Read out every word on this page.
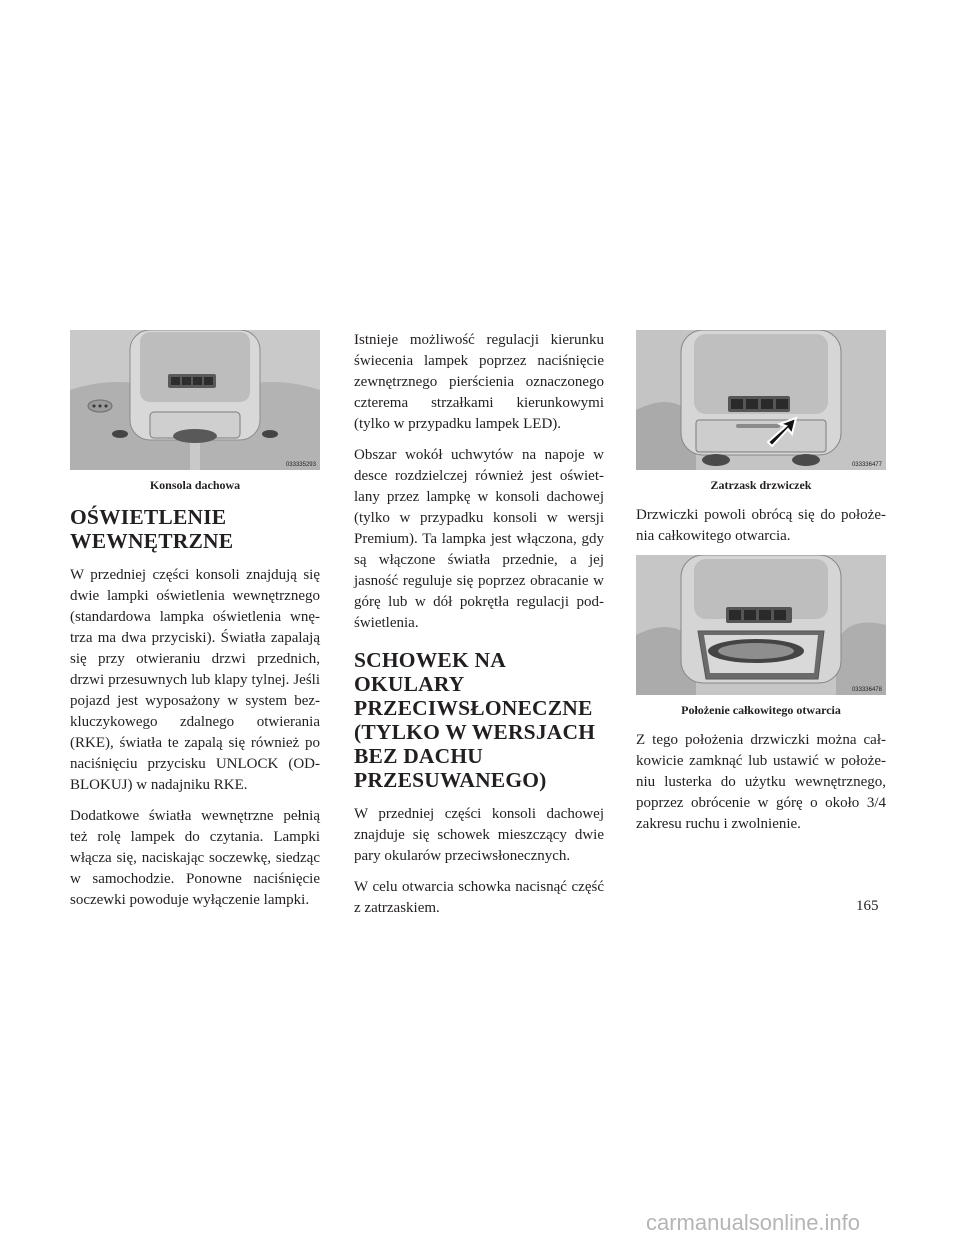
033335293
Konsola dachowa
OŚWIETLENIE WEWNĘTRZNE

W przedniej części konsoli znajdują się dwie lampki oświetlenia wewnętrznego (standardowa lampka oświetlenia wnę-trza ma dwa przyciski). Światła zapalają się przy otwieraniu drzwi przednich, drzwi przesuwnych lub klapy tylnej. Jeśli pojazd jest wyposażony w system bez-kluczykowego zdalnego otwierania (RKE), światła te zapalą się również po naciśnięciu przycisku UNLOCK (OD-BLOKUJ) w nadajniku RKE.

Dodatkowe światła wewnętrzne pełnią też rolę lampek do czytania. Lampki włącza się, naciskając soczewkę, siedząc w samochodzie. Ponowne naciśnięcie soczewki powoduje wyłączenie lampki.

Istnieje możliwość regulacji kierunku świecenia lampek poprzez naciśnięcie zewnętrznego pierścienia oznaczonego czterema strzałkami kierunkowymi (tylko w przypadku lampek LED).

Obszar wokół uchwytów na napoje w desce rozdzielczej również jest oświet-lany przez lampkę w konsoli dachowej (tylko w przypadku konsoli w wersji Premium). Ta lampka jest włączona, gdy są włączone światła przednie, a jej jasność reguluje się poprzez obracanie w górę lub w dół pokrętła regulacji pod-świetlenia.

SCHOWEK NA OKULARY PRZECIWSŁONECZNE (TYLKO W WERSJACH BEZ DACHU PRZESUWANEGO)

W przedniej części konsoli dachowej znajduje się schowek mieszczący dwie pary okularów przeciwsłonecznych.

W celu otwarcia schowka nacisnąć część z zatrzaskiem.

033336477
Zatrzask drzwiczek

Drzwiczki powoli obrócą się do położe-nia całkowitego otwarcia.

033336478
Położenie całkowitego otwarcia

Z tego położenia drzwiczki można cał-kowicie zamknąć lub ustawić w położe-niu lusterka do użytku wewnętrznego, poprzez obrócenie w górę o około 3/4 zakresu ruchu i zwolnienie.

165
carmanualsonline.info
